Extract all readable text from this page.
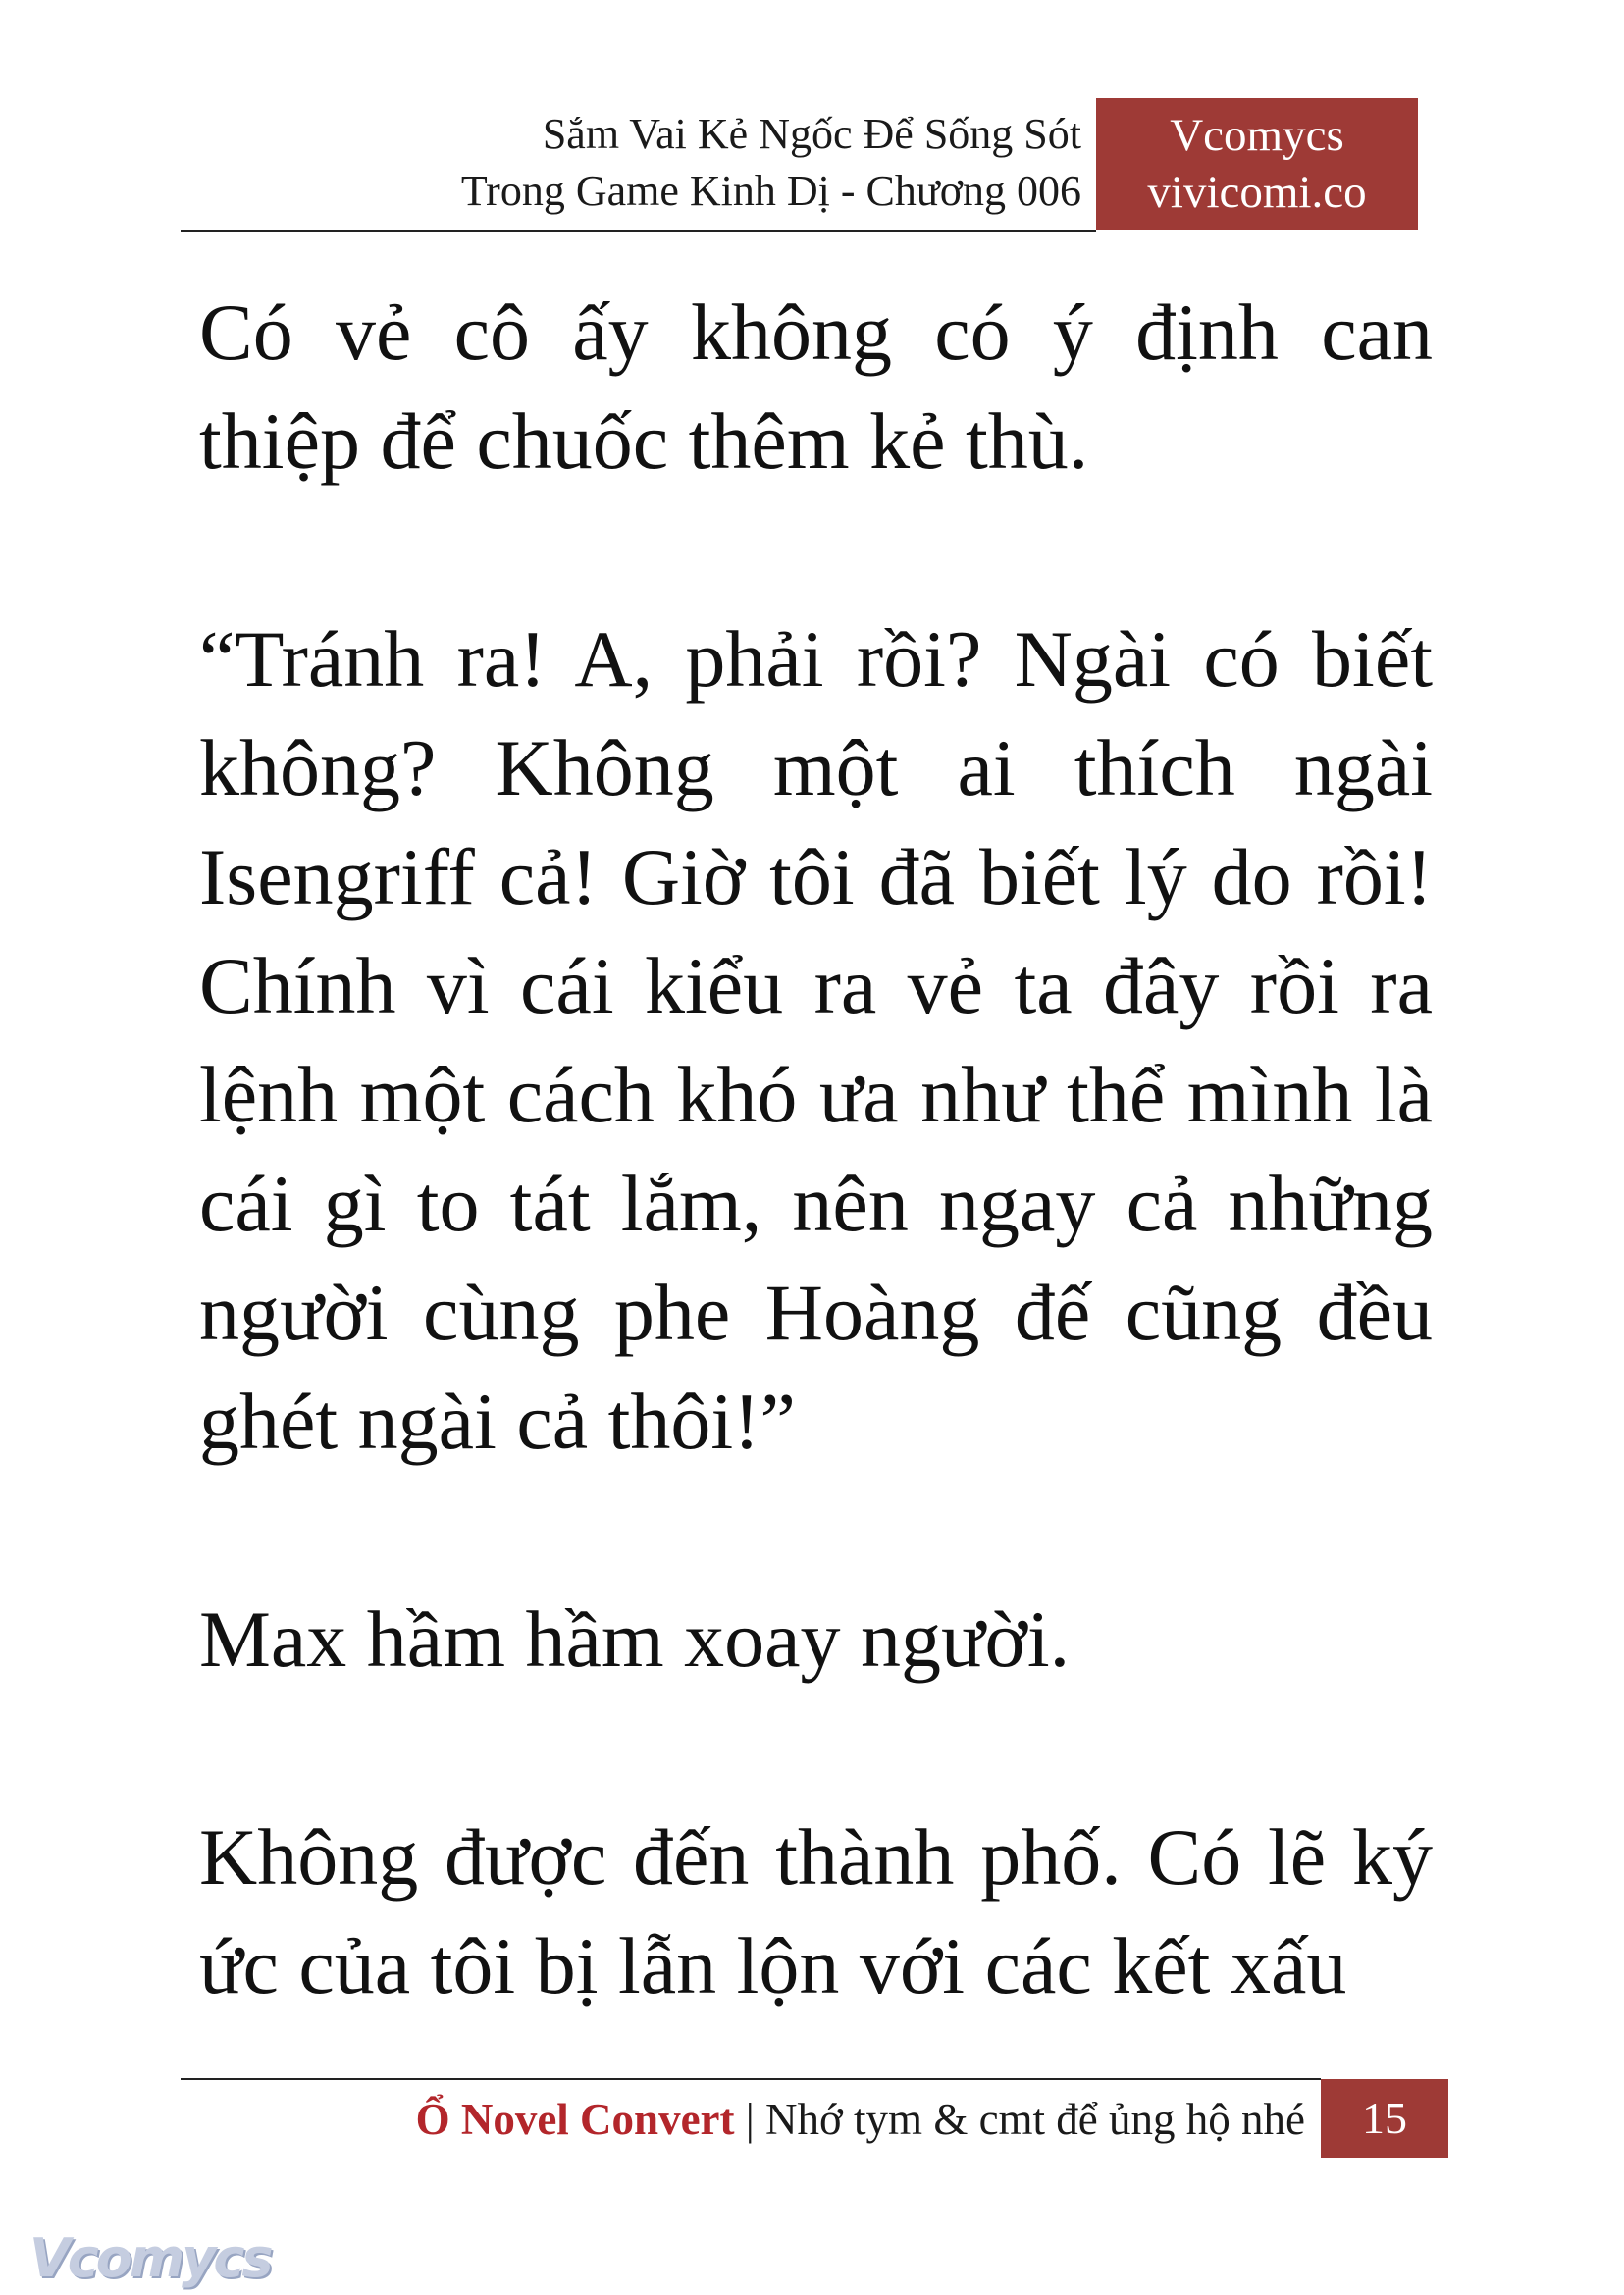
Sắm Vai Kẻ Ngốc Để Sống Sót
Trong Game Kinh Dị - Chương 006
Vcomycs
vivicomi.co

Có vẻ cô ấy không có ý định can thiệp để chuốc thêm kẻ thù.

“Tránh ra! A, phải rồi? Ngài có biết không? Không một ai thích ngài Isengriff cả! Giờ tôi đã biết lý do rồi! Chính vì cái kiểu ra vẻ ta đây rồi ra lệnh một cách khó ưa như thể mình là cái gì to tát lắm, nên ngay cả những người cùng phe Hoàng đế cũng đều ghét ngài cả thôi!”

Max hầm hầm xoay người.

Không được đến thành phố. Có lẽ ký ức của tôi bị lẫn lộn với các kết xấu

Ổ Novel Convert | Nhớ tym & cmt để ủng hộ nhé	15
Vcomycs
